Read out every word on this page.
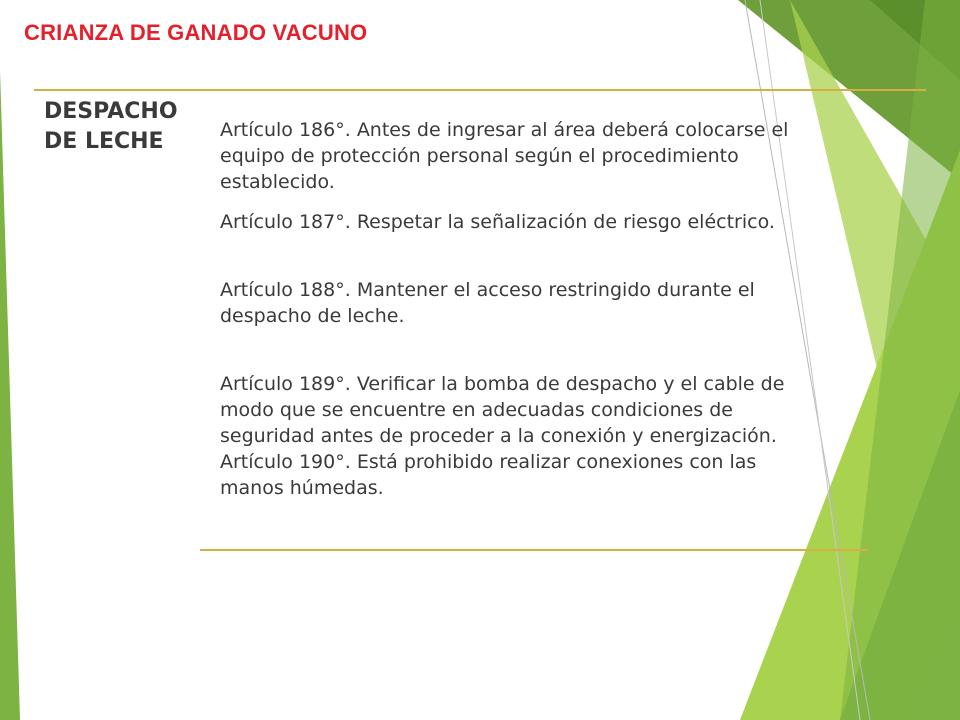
CRIANZA DE GANADO VACUNO
DESPACHO
DE LECHE	Artículo 186°. Antes de ingresar al área deberá colocarse el
equipo de protección personal según el procedimiento
establecido.

Artículo 187°. Respetar la señalización de riesgo eléctrico.

Artículo 188°. Mantener el acceso restringido durante el
despacho de leche.

Artículo 189°. Verificar la bomba de despacho y el cable de
modo que se encuentre en adecuadas condiciones de
seguridad antes de proceder a la conexión y energización.

Artículo 190°. Está prohibido realizar conexiones con las
manos húmedas.
